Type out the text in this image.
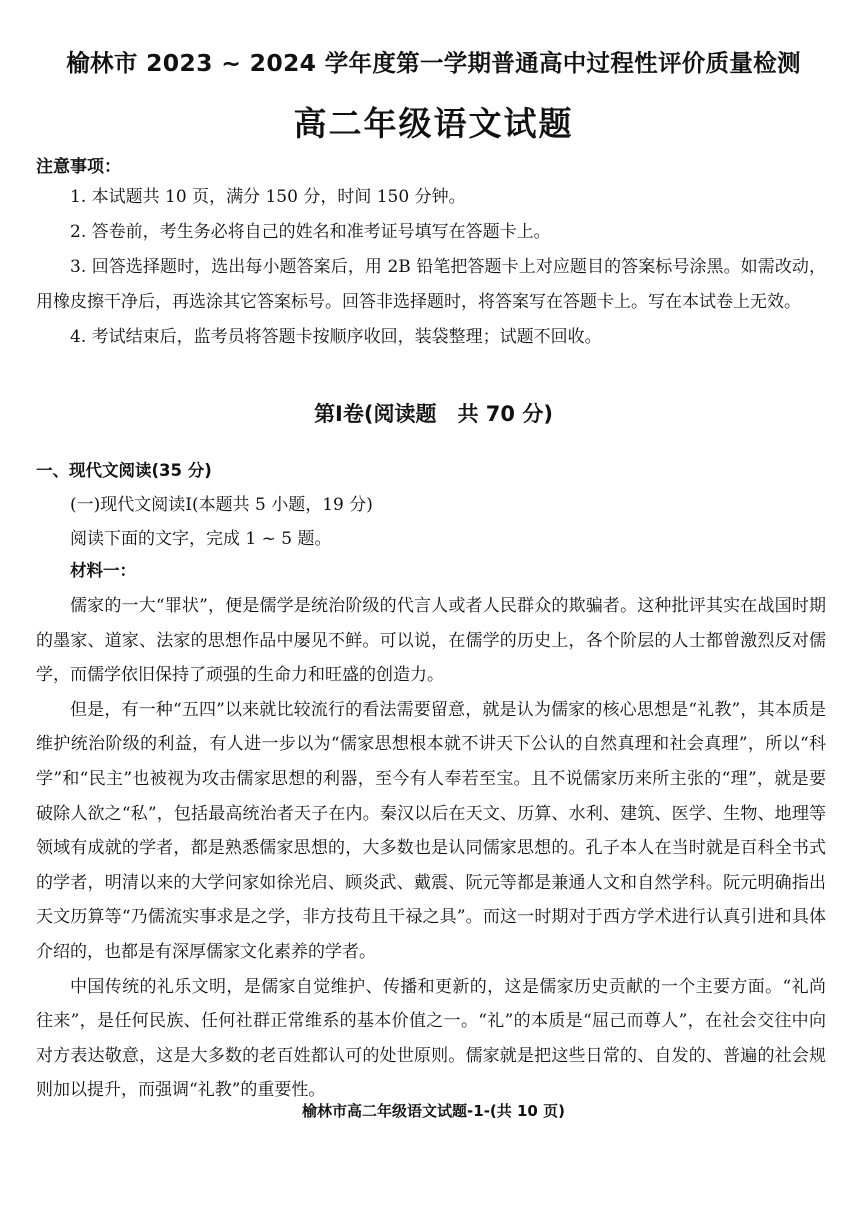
榆林市 2023 ~ 2024 学年度第一学期普通高中过程性评价质量检测
高二年级语文试题
注意事项：
1. 本试题共 10 页，满分 150 分，时间 150 分钟。
2. 答卷前，考生务必将自己的姓名和准考证号填写在答题卡上。
3. 回答选择题时，选出每小题答案后，用 2B 铅笔把答题卡上对应题目的答案标号涂黑。如需改动，用橡皮擦干净后，再选涂其它答案标号。回答非选择题时，将答案写在答题卡上。写在本试卷上无效。
4. 考试结束后，监考员将答题卡按顺序收回，装袋整理；试题不回收。
第Ⅰ卷(阅读题　共 70 分)
一、现代文阅读(35 分)
(一)现代文阅读Ⅰ(本题共 5 小题，19 分)
阅读下面的文字，完成 1 ~ 5 题。
材料一：

儒家的一大“罪状”，便是儒学是统治阶级的代言人或者人民群众的欺骗者。这种批评其实在战国时期的墨家、道家、法家的思想作品中屡见不鲜。可以说，在儒学的历史上，各个阶层的人士都曾激烈反对儒学，而儒学依旧保持了顽强的生命力和旺盛的创造力。

但是，有一种“五四”以来就比较流行的看法需要留意，就是认为儒家的核心思想是“礼教”，其本质是维护统治阶级的利益，有人进一步以为“儒家思想根本就不讲天下公认的自然真理和社会真理”，所以“科学”和“民主”也被视为攻击儒家思想的利器，至今有人奉若至宝。且不说儒家历来所主张的“理”，就是要破除人欲之“私”，包括最高统治者天子在内。秦汉以后在天文、历算、水利、建筑、医学、生物、地理等领域有成就的学者，都是熟悉儒家思想的，大多数也是认同儒家思想的。孔子本人在当时就是百科全书式的学者，明清以来的大学问家如徐光启、顾炎武、戴震、阮元等都是兼通人文和自然学科。阮元明确指出天文历算等“乃儒流实事求是之学，非方技苟且干禄之具”。而这一时期对于西方学术进行认真引进和具体介绍的，也都是有深厚儒家文化素养的学者。

中国传统的礼乐文明，是儒家自觉维护、传播和更新的，这是儒家历史贡献的一个主要方面。“礼尚往来”，是任何民族、任何社群正常维系的基本价值之一。“礼”的本质是“屈己而尊人”，在社会交往中向对方表达敬意，这是大多数的老百姓都认可的处世原则。儒家就是把这些日常的、自发的、普遍的社会规则加以提升，而强调“礼教”的重要性。

榆林市高二年级语文试题-1-(共 10 页)
